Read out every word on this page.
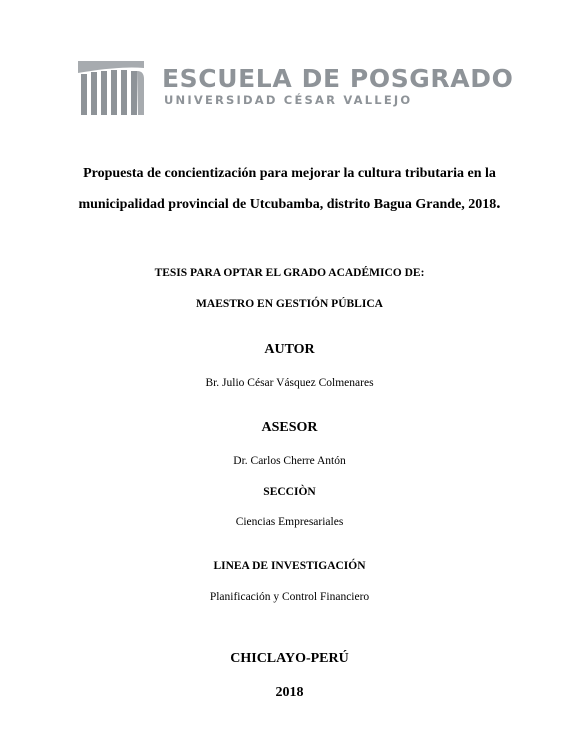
ESCUELA DE POSGRADO
UNIVERSIDAD CÉSAR VALLEJO
Propuesta de concientización para mejorar la cultura tributaria en la
municipalidad provincial de Utcubamba, distrito Bagua Grande, 2018.
TESIS PARA OPTAR EL GRADO ACADÉMICO DE:
MAESTRO EN GESTIÓN PÚBLICA
AUTOR
Br. Julio César Vásquez Colmenares
ASESOR
Dr. Carlos Cherre Antón
SECCIÒN
Ciencias Empresariales
LINEA DE INVESTIGACIÓN
Planificación y Control Financiero
CHICLAYO-PERÚ
2018
